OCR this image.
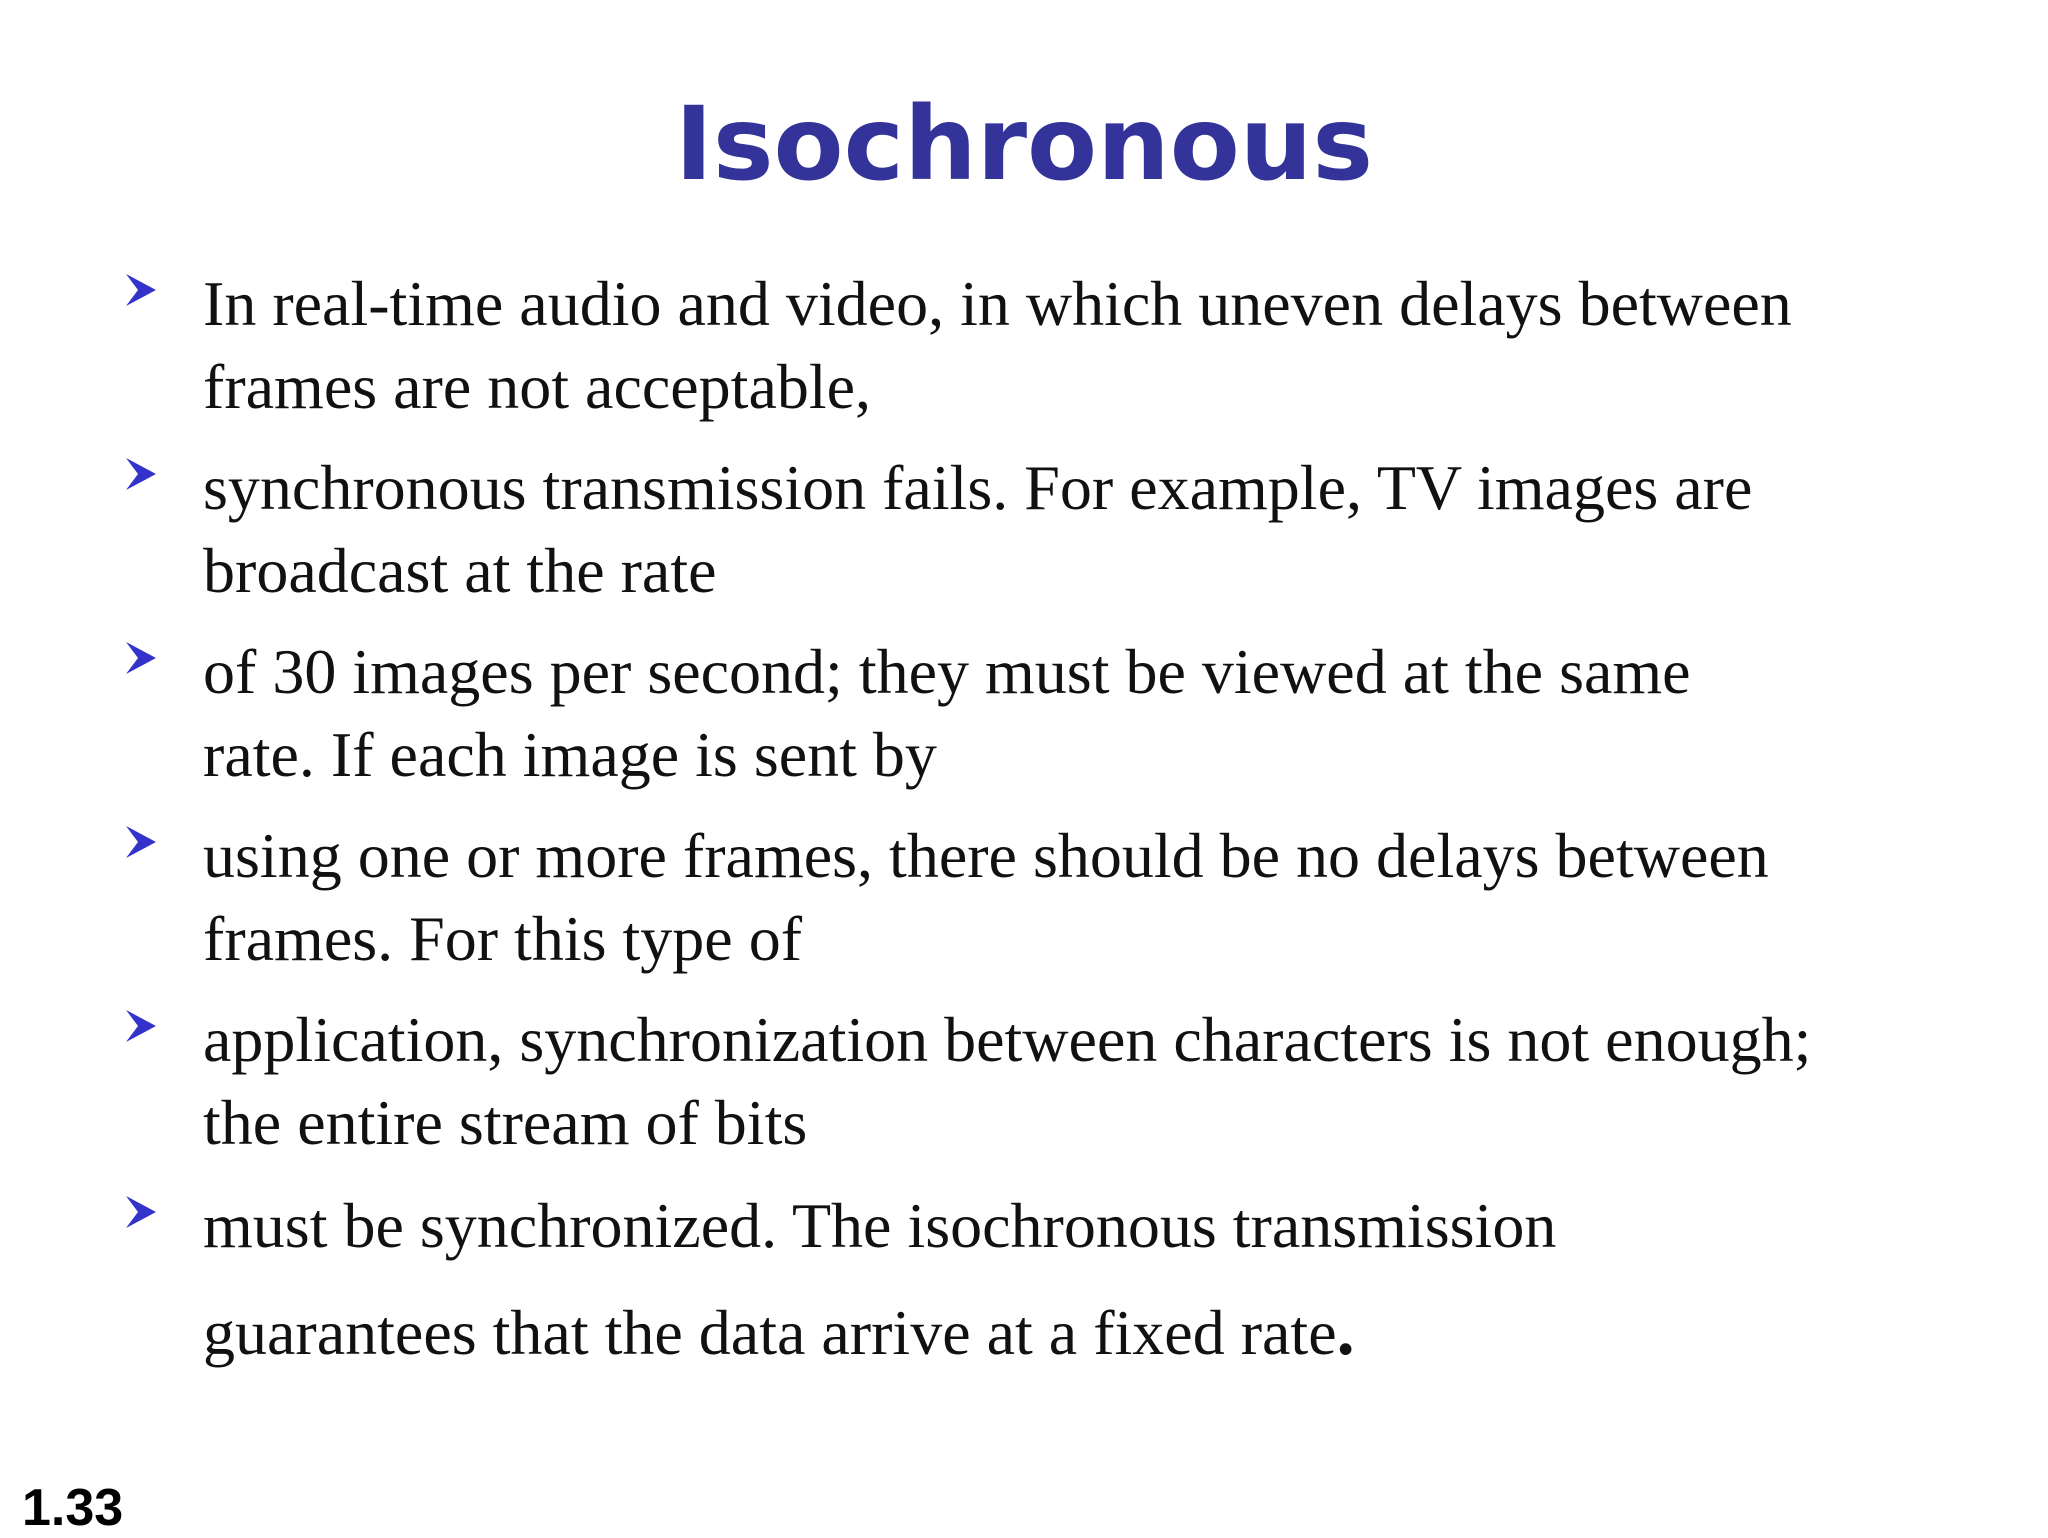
Isochronous
In real-time audio and video, in which uneven delays between
frames are not acceptable,
synchronous transmission fails. For example, TV images are
broadcast at the rate
of 30 images per second; they must be viewed at the same
rate. If each image is sent by
using one or more frames, there should be no delays between
frames. For this type of
application, synchronization between characters is not enough;
the entire stream of bits
must be synchronized. The isochronous transmission
guarantees that the data arrive at a fixed rate.
1.33
